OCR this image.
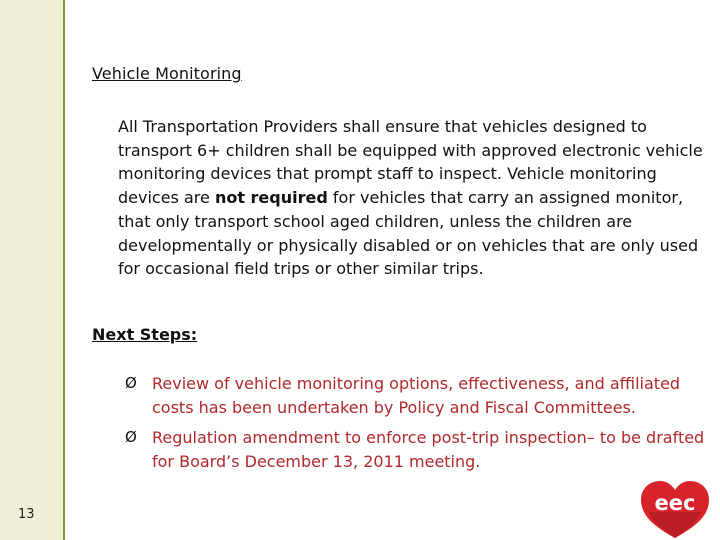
13
Vehicle Monitoring

All Transportation Providers shall ensure that vehicles designed to transport 6+ children shall be equipped with approved electronic vehicle monitoring devices that prompt staff to inspect. Vehicle monitoring devices are not required for vehicles that carry an assigned monitor, that only transport school aged children, unless the children are developmentally or physically disabled or on vehicles that are only used for occasional field trips or other similar trips.

Next Steps:
Ø Review of vehicle monitoring options, effectiveness, and affiliated costs has been undertaken by Policy and Fiscal Committees.
Ø Regulation amendment to enforce post-trip inspection– to be drafted for Board’s December 13, 2011 meeting.
eec
